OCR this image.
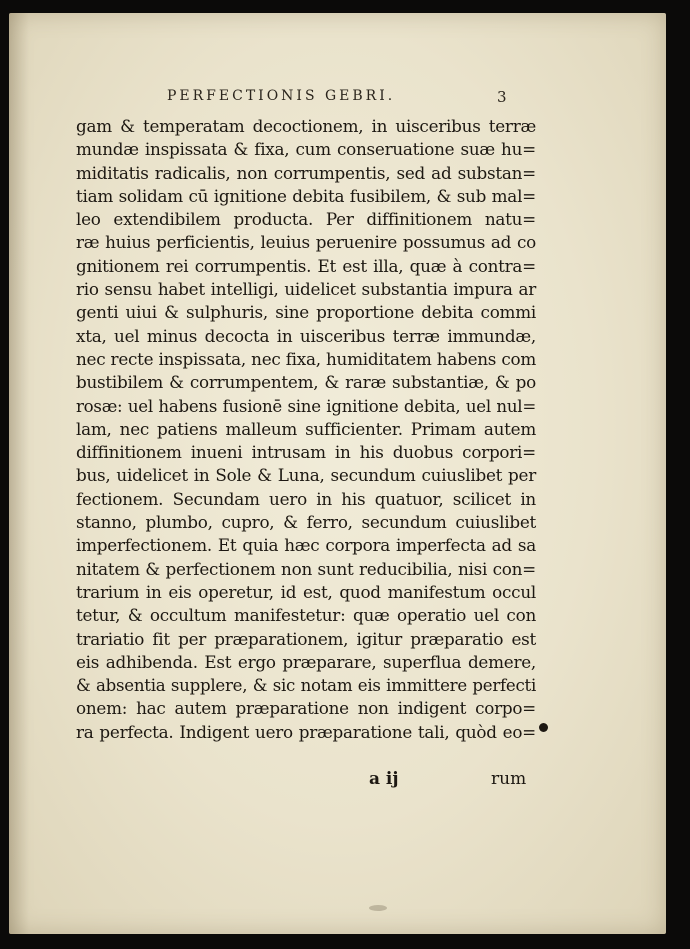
PERFECTIONIS GEBRI.	3
gam & temperatam decoctionem, in uisceribus terræ
mundæ inspissata & fixa, cum conseruatione suæ hu=
miditatis radicalis, non corrumpentis, sed ad substan=
tiam solidam cū ignitione debita fusibilem, & sub mal=
leo extendibilem producta. Per diffinitionem natu=
ræ huius perficientis, leuius peruenire possumus ad co
gnitionem rei corrumpentis. Et est illa, quæ à contra=
rio sensu habet intelligi, uidelicet substantia impura ar
genti uiui & sulphuris, sine proportione debita commi
xta, uel minus decocta in uisceribus terræ immundæ,
nec recte inspissata, nec fixa, humiditatem habens com
bustibilem & corrumpentem, & raræ substantiæ, & po
rosæ: uel habens fusionē sine ignitione debita, uel nul=
lam, nec patiens malleum sufficienter. Primam autem
diffinitionem inueni intrusam in his duobus corpori=
bus, uidelicet in Sole & Luna, secundum cuiuslibet per
fectionem. Secundam uero in his quatuor, scilicet in
stanno, plumbo, cupro, & ferro, secundum cuiuslibet
imperfectionem. Et quia hæc corpora imperfecta ad sa
nitatem & perfectionem non sunt reducibilia, nisi con=
trarium in eis operetur, id est, quod manifestum occul
tetur, & occultum manifestetur: quæ operatio uel con
trariatio fit per præparationem, igitur præparatio est
eis adhibenda. Est ergo præparare, superflua demere,
& absentia supplere, & sic notam eis immittere perfecti
onem: hac autem præparatione non indigent corpo=
ra perfecta. Indigent uero præparatione tali, quòd eo=
a ij	rum
